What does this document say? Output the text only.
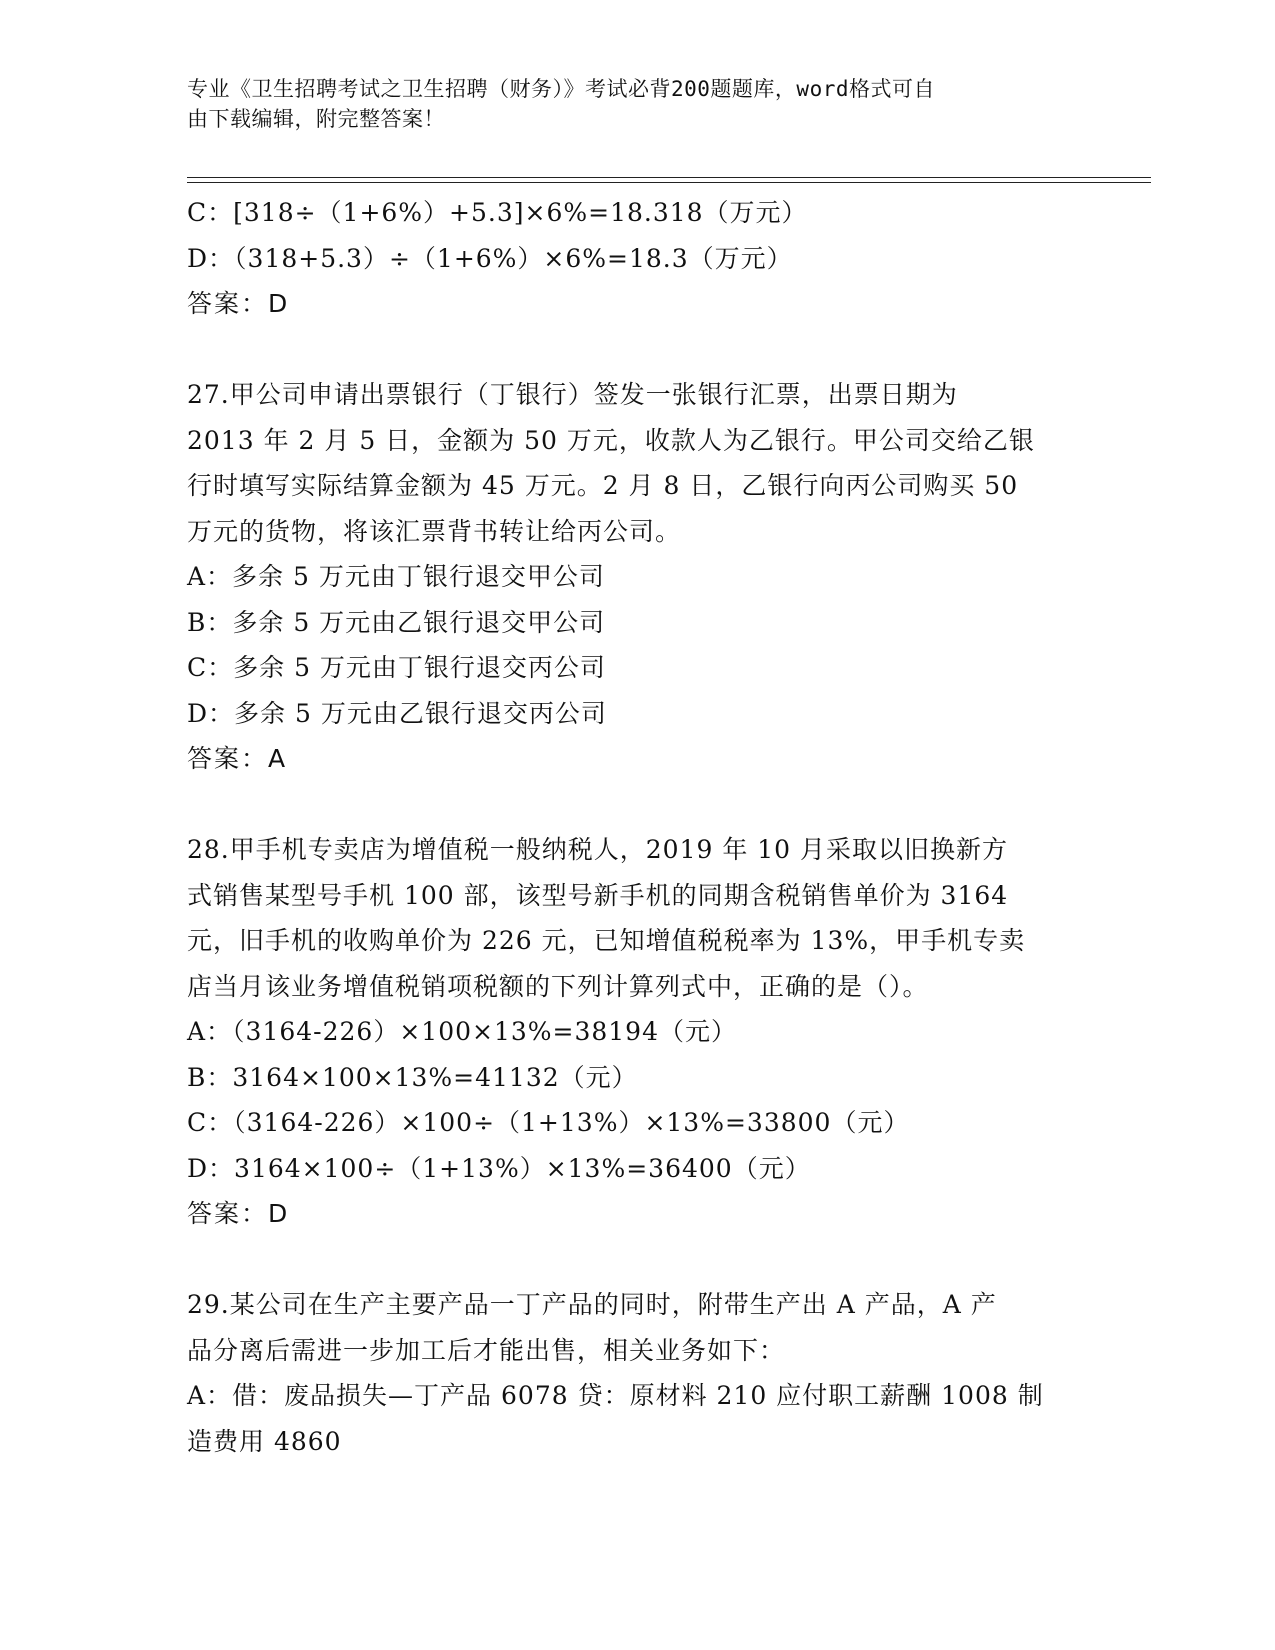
专业《卫生招聘考试之卫生招聘（财务）》考试必背200题题库，word格式可自
由下载编辑，附完整答案！
C：[318÷（1+6%）+5.3]×6%=18.318（万元）
D：（318+5.3）÷（1+6%）×6%=18.3（万元）
答案：D
27.甲公司申请出票银行（丁银行）签发一张银行汇票，出票日期为
2013 年 2 月 5 日，金额为 50 万元，收款人为乙银行。甲公司交给乙银
行时填写实际结算金额为 45 万元。2 月 8 日，乙银行向丙公司购买 50
万元的货物，将该汇票背书转让给丙公司。
A：多余 5 万元由丁银行退交甲公司
B：多余 5 万元由乙银行退交甲公司
C：多余 5 万元由丁银行退交丙公司
D：多余 5 万元由乙银行退交丙公司
答案：A
28.甲手机专卖店为增值税一般纳税人，2019 年 10 月采取以旧换新方
式销售某型号手机 100 部，该型号新手机的同期含税销售单价为 3164
元，旧手机的收购单价为 226 元，已知增值税税率为 13%，甲手机专卖
店当月该业务增值税销项税额的下列计算列式中，正确的是（）。
A：（3164-226）×100×13%=38194（元）
B：3164×100×13%=41132（元）
C：（3164-226）×100÷（1+13%）×13%=33800（元）
D：3164×100÷（1+13%）×13%=36400（元）
答案：D
29.某公司在生产主要产品一丁产品的同时，附带生产出 A 产品，A 产
品分离后需进一步加工后才能出售，相关业务如下：
A：借：废品损失—丁产品 6078 贷：原材料 210 应付职工薪酬 1008 制
造费用 4860
